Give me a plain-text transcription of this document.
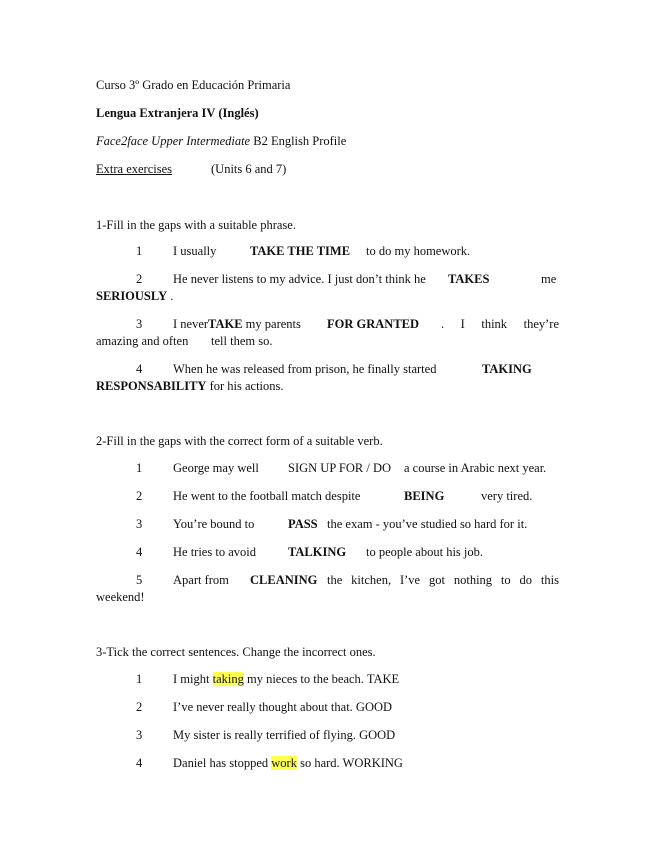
Curso 3º Grado en Educación Primaria
Lengua Extranjera IV (Inglés)
Face2face Upper Intermediate B2 English Profile
Extra exercises	(Units 6 and 7)
1-Fill in the gaps with a suitable phrase.
1 I usually	TAKE THE TIME to do my homework.
2 He never listens to my advice. I just don’t think he TAKES	me
SERIOUSLY .
3 I neverTAKE my parents FOR GRANTED . I think they’re
amazing and often tell them so.
4 When he was released from prison, he finally started	TAKING
RESPONSABILITY for his actions.
2-Fill in the gaps with the correct form of a suitable verb.
1 George may well SIGN UP FOR / DO a course in Arabic next year.
2 He went to the football match despite	BEING	very tired.
3 You’re bound to	PASS the exam - you’ve studied so hard for it.
4 He tries to avoid	TALKING to people about his job.
5 Apart from CLEANING the kitchen, I’ve got nothing to do this
weekend!
3-Tick the correct sentences. Change the incorrect ones.
1 I might taking my nieces to the beach. TAKE
2 I’ve never really thought about that. GOOD
3 My sister is really terrified of flying. GOOD
4 Daniel has stopped work so hard. WORKING
